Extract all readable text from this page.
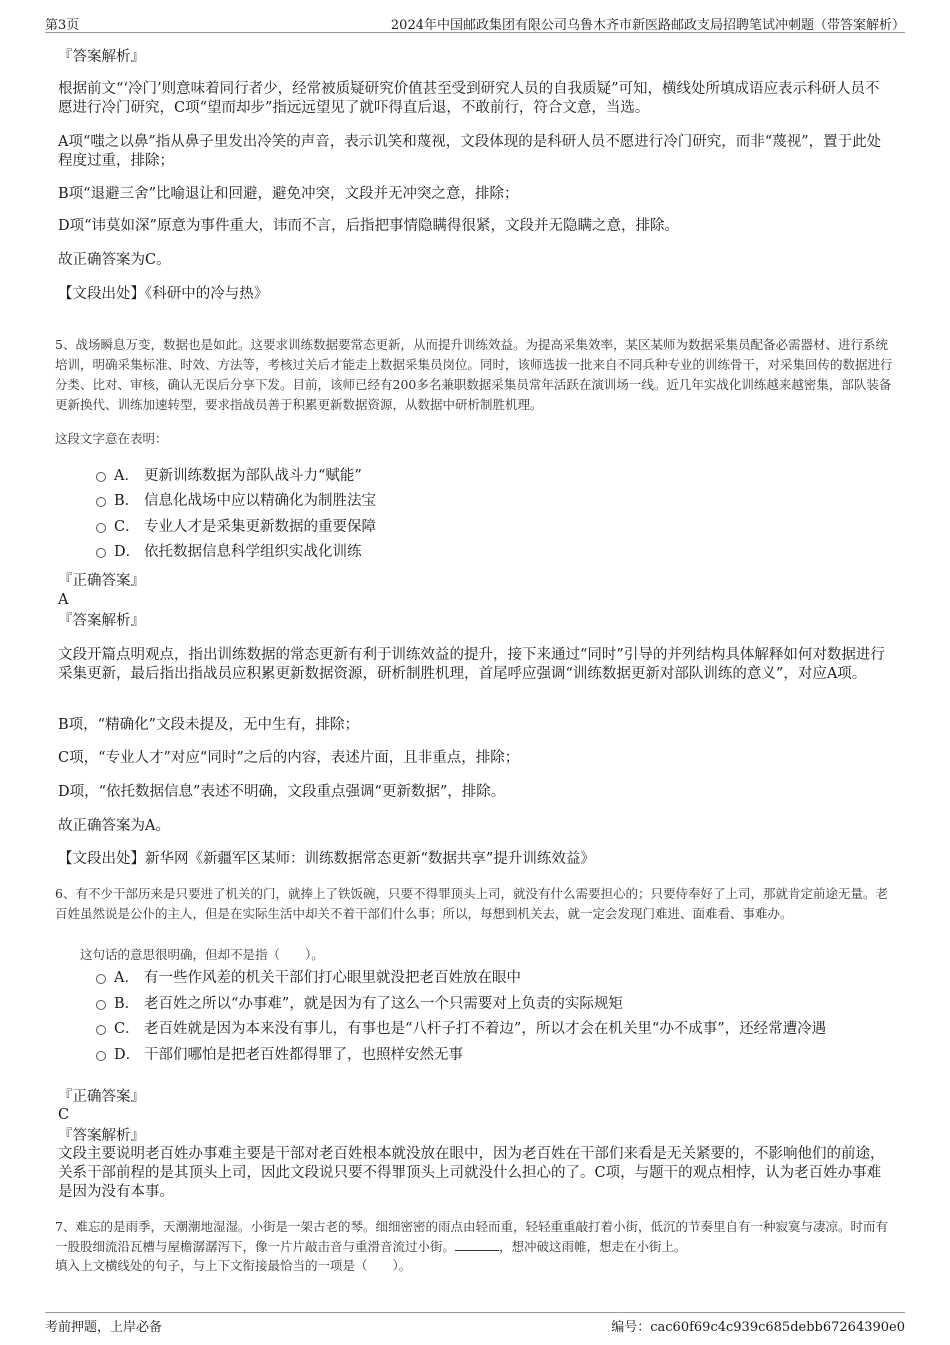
第3页	2024年中国邮政集团有限公司乌鲁木齐市新医路邮政支局招聘笔试冲刺题（带答案解析）
『答案解析』
根据前文“‘冷门’则意味着同行者少，经常被质疑研究价值甚至受到研究人员的自我质疑”可知，横线处所填成语应表示科研人员不愿进行冷门研究，C项“望而却步”指远远望见了就吓得直后退，不敢前行，符合文意，当选。
A项“嗤之以鼻”指从鼻子里发出冷笑的声音，表示讥笑和蔑视，文段体现的是科研人员不愿进行冷门研究，而非“蔑视”，置于此处程度过重，排除；
B项“退避三舍”比喻退让和回避，避免冲突，文段并无冲突之意，排除；
D项“讳莫如深”原意为事件重大，讳而不言，后指把事情隐瞒得很紧，文段并无隐瞒之意，排除。
故正确答案为C。
【文段出处】《科研中的冷与热》
5、战场瞬息万变，数据也是如此。这要求训练数据要常态更新，从而提升训练效益。为提高采集效率，某区某师为数据采集员配备必需器材、进行系统培训，明确采集标准、时效、方法等，考核过关后才能走上数据采集员岗位。同时，该师选拔一批来自不同兵种专业的训练骨干，对采集回传的数据进行分类、比对、审核，确认无误后分享下发。目前，该师已经有200多名兼职数据采集员常年活跃在演训场一线。近几年实战化训练越来越密集，部队装备更新换代、训练加速转型，要求指战员善于积累更新数据资源，从数据中研析制胜机理。
这段文字意在表明：
A． 更新训练数据为部队战斗力“赋能”
B． 信息化战场中应以精确化为制胜法宝
C． 专业人才是采集更新数据的重要保障
D． 依托数据信息科学组织实战化训练
『正确答案』
A
『答案解析』
文段开篇点明观点，指出训练数据的常态更新有利于训练效益的提升，接下来通过“同时”引导的并列结构具体解释如何对数据进行采集更新，最后指出指战员应积累更新数据资源，研析制胜机理，首尾呼应强调“训练数据更新对部队训练的意义”，对应A项。
B项，“精确化”文段未提及，无中生有，排除；
C项，“专业人才”对应“同时”之后的内容，表述片面，且非重点，排除；
D项，“依托数据信息”表述不明确，文段重点强调“更新数据”，排除。
故正确答案为A。
【文段出处】新华网《新疆军区某师：训练数据常态更新“数据共享”提升训练效益》
6、有不少干部历来是只要进了机关的门，就捧上了铁饭碗，只要不得罪顶头上司，就没有什么需要担心的；只要侍奉好了上司，那就肯定前途无量。老百姓虽然说是公仆的主人，但是在实际生活中却关不着干部们什么事；所以，每想到机关去，就一定会发现门难进、面难看、事难办。
这句话的意思很明确，但却不是指（　　）。
A． 有一些作风差的机关干部们打心眼里就没把老百姓放在眼中
B． 老百姓之所以“办事难”，就是因为有了这么一个只需要对上负责的实际规矩
C． 老百姓就是因为本来没有事儿，有事也是“八杆子打不着边”，所以才会在机关里“办不成事”，还经常遭冷遇
D． 干部们哪怕是把老百姓都得罪了，也照样安然无事
『正确答案』
C
『答案解析』
文段主要说明老百姓办事难主要是干部对老百姓根本就没放在眼中，因为老百姓在干部们来看是无关紧要的，不影响他们的前途，关系干部前程的是其顶头上司，因此文段说只要不得罪顶头上司就没什么担心的了。C项，与题干的观点相悖，认为老百姓办事难是因为没有本事。
7、难忘的是雨季，天潮潮地湿湿。小街是一架古老的琴。细细密密的雨点由轻而重，轻轻重重敲打着小街，低沉的节奏里自有一种寂寞与凄凉。时而有一股股细流沿瓦槽与屋檐潺潺泻下，像一片片敲击音与重滑音流过小街。	，想冲破这雨帷，想走在小街上。
填入上文横线处的句子，与上下文衔接最恰当的一项是（　　）。
考前押题，上岸必备	编号：cac60f69c4c939c685debb67264390e0
